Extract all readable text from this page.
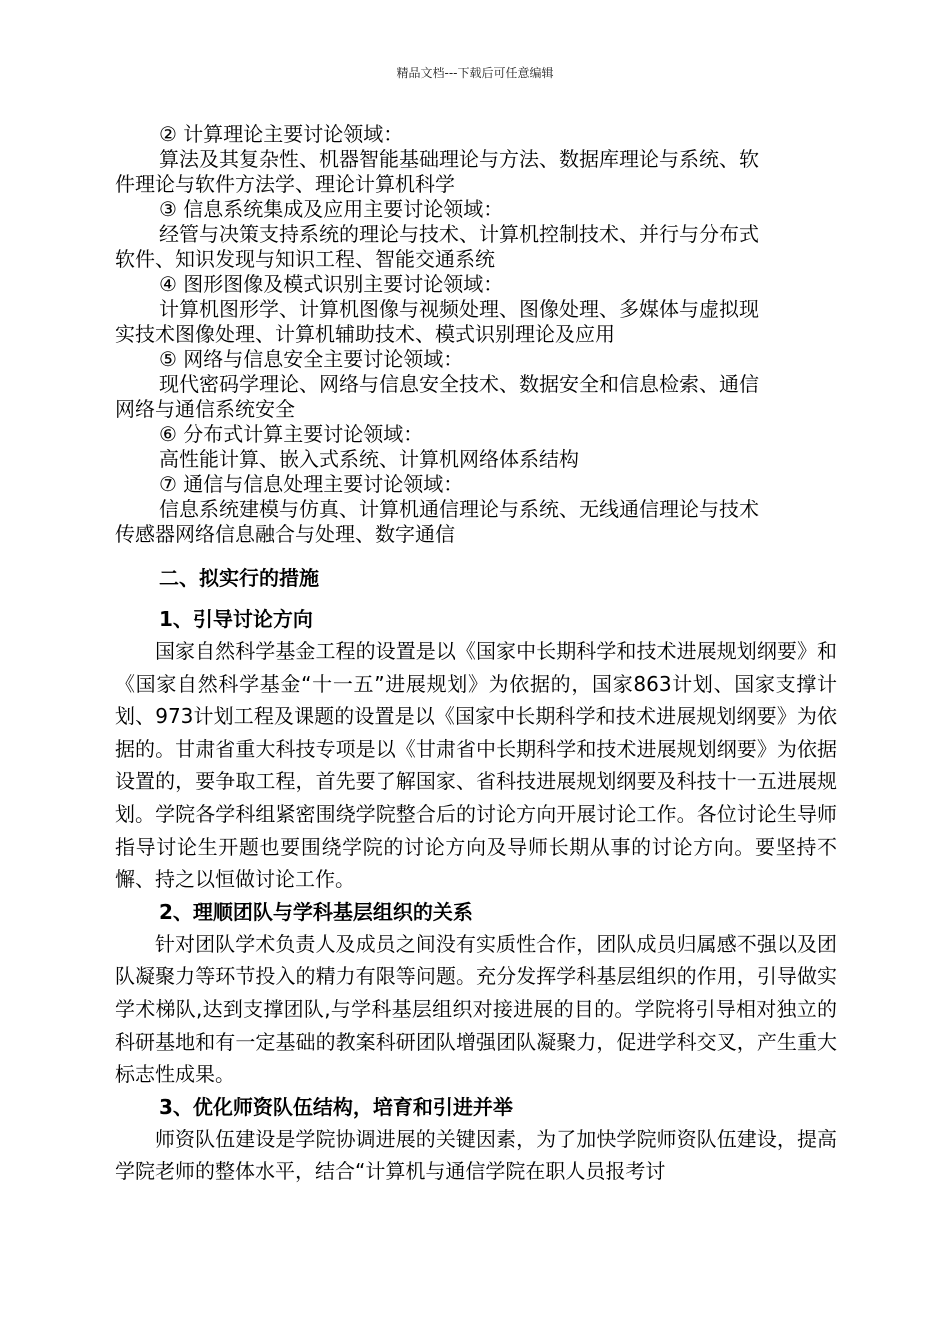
精品文档---下载后可任意编辑

② 计算理论主要讨论领域：

算法及其复杂性、机器智能基础理论与方法、数据库理论与系统、软

件理论与软件方法学、理论计算机科学

③ 信息系统集成及应用主要讨论领域：

经管与决策支持系统的理论与技术、计算机控制技术、并行与分布式

软件、知识发现与知识工程、智能交通系统

④ 图形图像及模式识别主要讨论领域：

计算机图形学、计算机图像与视频处理、图像处理、多媒体与虚拟现

实技术图像处理、计算机辅助技术、模式识别理论及应用

⑤ 网络与信息安全主要讨论领域：

现代密码学理论、网络与信息安全技术、数据安全和信息检索、通信

网络与通信系统安全

⑥ 分布式计算主要讨论领域：

高性能计算、嵌入式系统、计算机网络体系结构

⑦ 通信与信息处理主要讨论领域：

信息系统建模与仿真、计算机通信理论与系统、无线通信理论与技术

传感器网络信息融合与处理、数字通信

二、拟实行的措施
1、引导讨论方向

国家自然科学基金工程的设置是以《国家中长期科学和技术进展规划纲要》和《国家自然科学基金“十一五”进展规划》为依据的，国家863计划、国家支撑计划、973计划工程及课题的设置是以《国家中长期科学和技术进展规划纲要》为依据的。甘肃省重大科技专项是以《甘肃省中长期科学和技术进展规划纲要》为依据设置的，要争取工程，首先要了解国家、省科技进展规划纲要及科技十一五进展规划。学院各学科组紧密围绕学院整合后的讨论方向开展讨论工作。各位讨论生导师指导讨论生开题也要围绕学院的讨论方向及导师长期从事的讨论方向。要坚持不懈、持之以恒做讨论工作。

2、理顺团队与学科基层组织的关系

针对团队学术负责人及成员之间没有实质性合作，团队成员归属感不强以及团队凝聚力等环节投入的精力有限等问题。充分发挥学科基层组织的作用，引导做实学术梯队,达到支撑团队,与学科基层组织对接进展的目的。学院将引导相对独立的科研基地和有一定基础的教案科研团队增强团队凝聚力，促进学科交叉，产生重大标志性成果。

3、优化师资队伍结构，培育和引进并举

师资队伍建设是学院协调进展的关键因素，为了加快学院师资队伍建设，提高学院老师的整体水平，结合“计算机与通信学院在职人员报考讨
